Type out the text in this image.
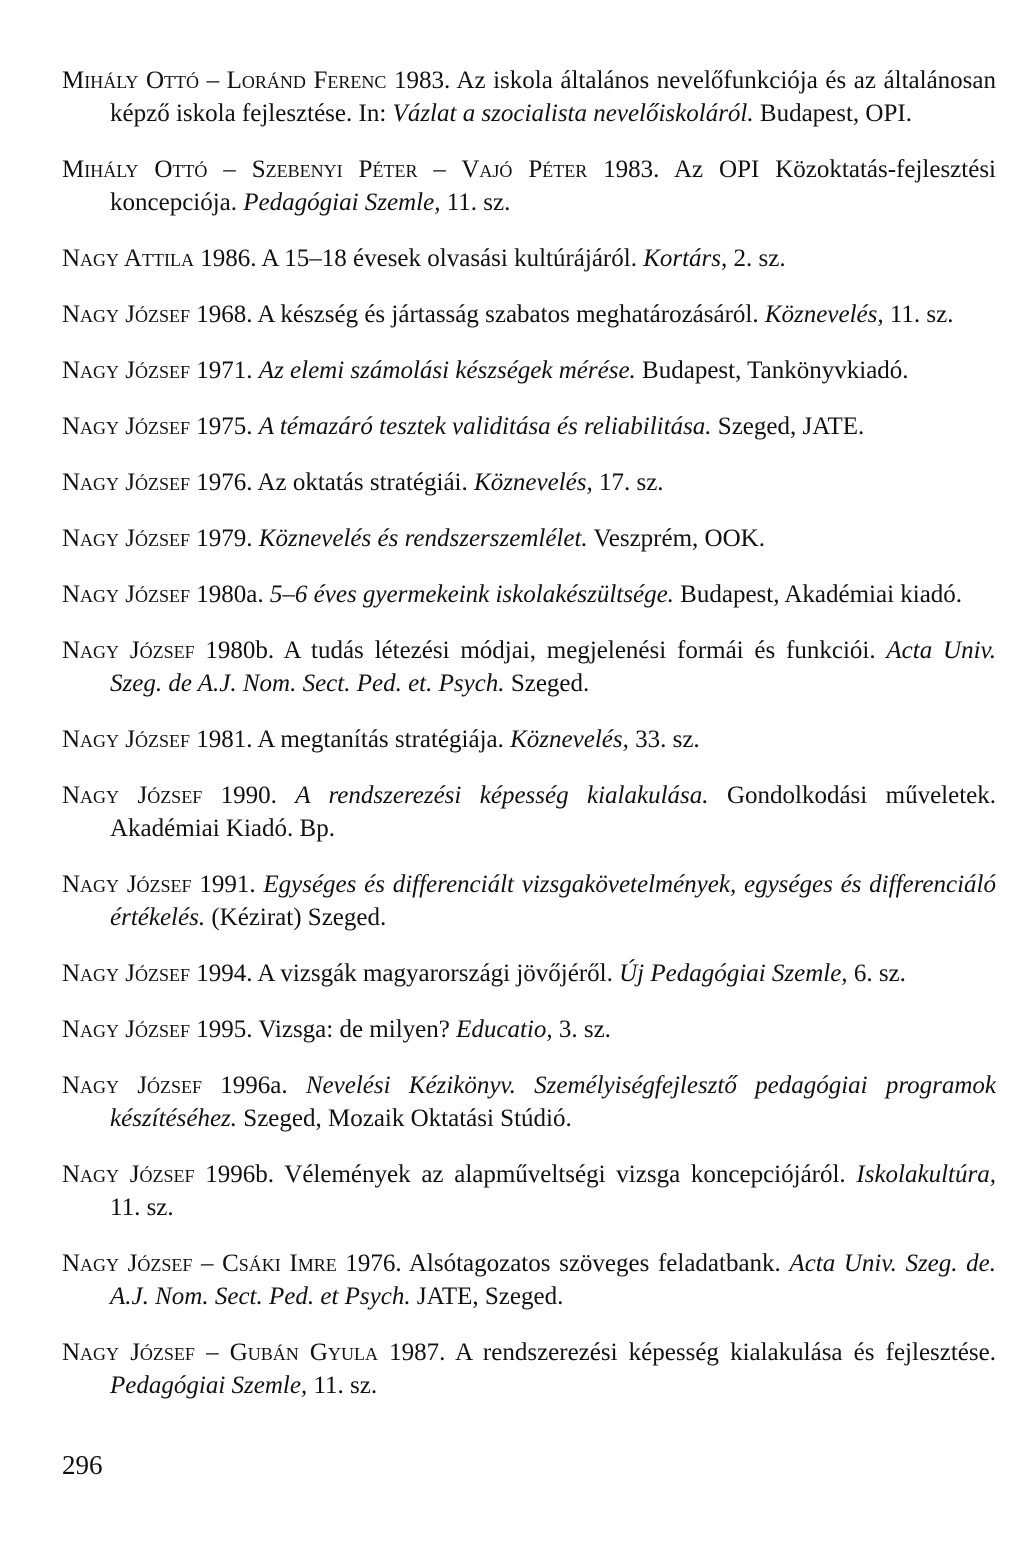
Mihály Ottó – Loránd Ferenc 1983. Az iskola általános nevelőfunkciója és az általánosan képző iskola fejlesztése. In: Vázlat a szocialista nevelőiskoláról. Budapest, OPI.

Mihály Ottó – Szebenyi Péter – Vajó Péter 1983. Az OPI Közoktatás-fejlesztési koncepciója. Pedagógiai Szemle, 11. sz.

Nagy Attila 1986. A 15–18 évesek olvasási kultúrájáról. Kortárs, 2. sz.

Nagy József 1968. A készség és jártasság szabatos meghatározásáról. Köznevelés, 11. sz.

Nagy József 1971. Az elemi számolási készségek mérése. Budapest, Tankönyvkiadó.

Nagy József 1975. A témazáró tesztek validitása és reliabilitása. Szeged, JATE.

Nagy József 1976. Az oktatás stratégiái. Köznevelés, 17. sz.

Nagy József 1979. Köznevelés és rendszerszemlélet. Veszprém, OOK.

Nagy József 1980a. 5–6 éves gyermekeink iskolakészültsége. Budapest, Akadémiai kiadó.

Nagy József 1980b. A tudás létezési módjai, megjelenési formái és funkciói. Acta Univ. Szeg. de A.J. Nom. Sect. Ped. et. Psych. Szeged.

Nagy József 1981. A megtanítás stratégiája. Köznevelés, 33. sz.

Nagy József 1990. A rendszerezési képesség kialakulása. Gondolkodási műveletek. Akadémiai Kiadó. Bp.

Nagy József 1991. Egységes és differenciált vizsgakövetelmények, egységes és differenciáló értékelés. (Kézirat) Szeged.

Nagy József 1994. A vizsgák magyarországi jövőjéről. Új Pedagógiai Szemle, 6. sz.

Nagy József 1995. Vizsga: de milyen? Educatio, 3. sz.

Nagy József 1996a. Nevelési Kézikönyv. Személyiségfejlesztő pedagógiai programok készítéséhez. Szeged, Mozaik Oktatási Stúdió.

Nagy József 1996b. Vélemények az alapműveltségi vizsga koncepciójáról. Iskolakultúra, 11. sz.

Nagy József – Csáki Imre 1976. Alsótagozatos szöveges feladatbank. Acta Univ. Szeg. de. A.J. Nom. Sect. Ped. et Psych. JATE, Szeged.

Nagy József – Gubán Gyula 1987. A rendszerezési képesség kialakulása és fejlesztése. Pedagógiai Szemle, 11. sz.

296
